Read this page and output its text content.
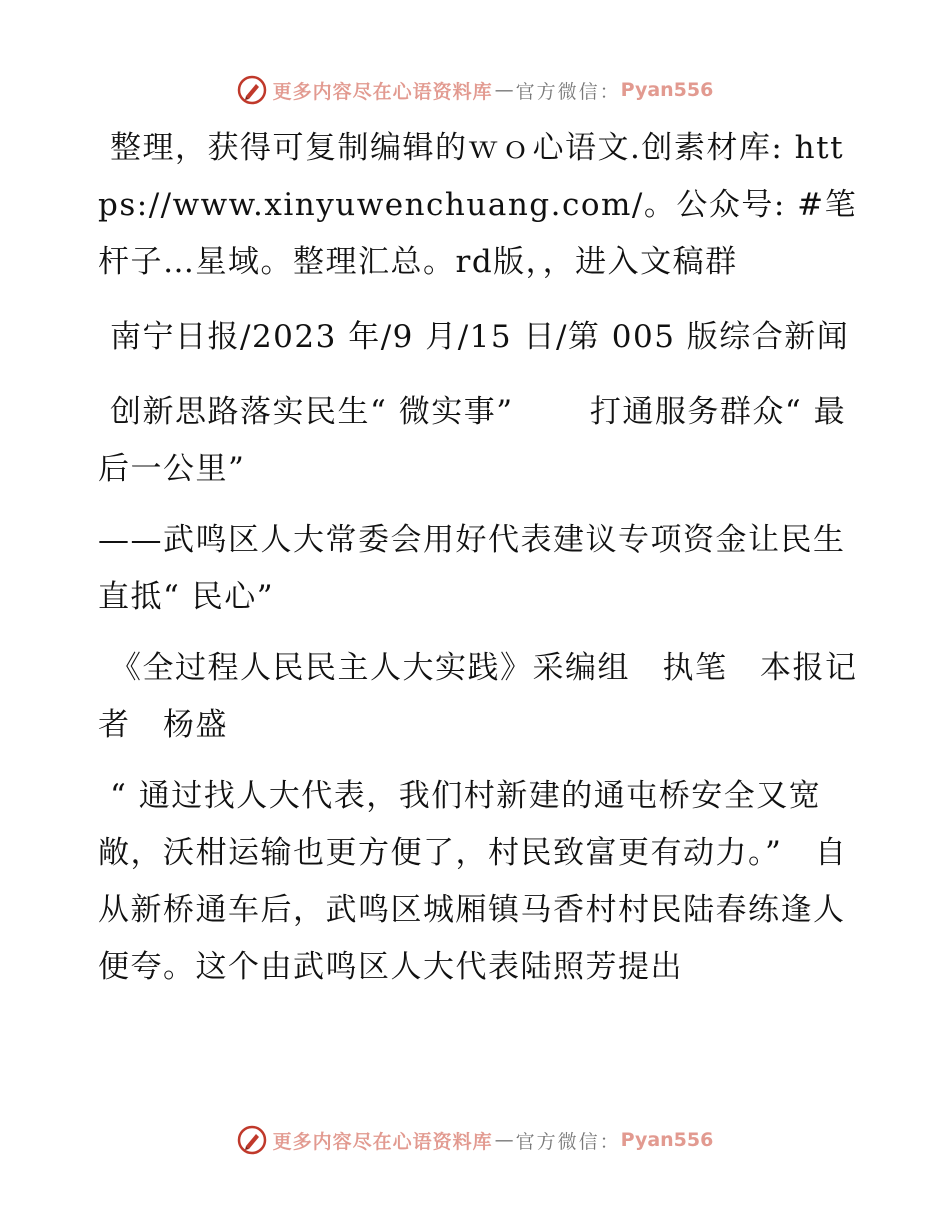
更多内容尽在心语资料库 — 官方微信： Pyan556

整理，获得可复制编辑的ｗｏ心语文.创素材库: https://www.xinyuwenchuang.com/。公众号: #笔杆子…星域。整理汇总。rd版，，进入文稿群

南宁日报/2023 年/9 月/15 日/第 005 版综合新闻

创新思路落实民生“ 微实事”　 　打通服务群众“ 最后一公里”

——武鸣区人大常委会用好代表建议专项资金让民生直抵“ 民心”

《全过程人民民主人大实践》采编组　执笔　本报记者　杨盛

“ 通过找人大代表，我们村新建的通屯桥安全又宽敞，沃柑运输也更方便了，村民致富更有动力。”　自从新桥通车后，武鸣区城厢镇马香村村民陆春练逢人便夸。这个由武鸣区人大代表陆照芳提出

更多内容尽在心语资料库 — 官方微信： Pyan556
